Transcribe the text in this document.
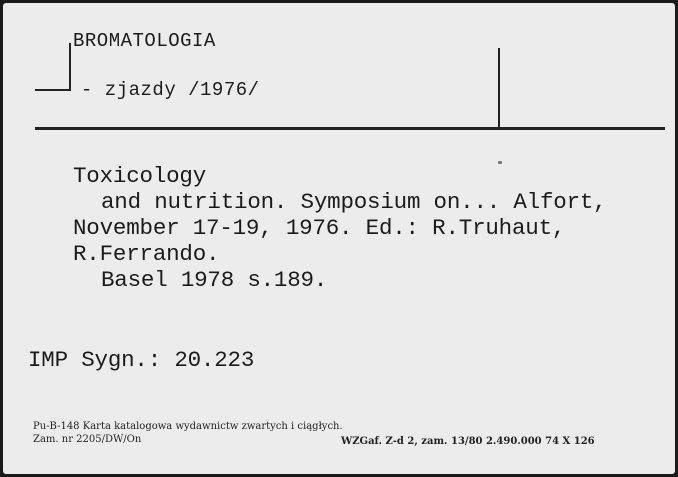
BROMATOLOGIA
- zjazdy /1976/
Toxicology
and nutrition. Symposium on... Alfort,
November 17-19, 1976. Ed.: R.Truhaut,
R.Ferrando.
Basel 1978 s.189.
IMP Sygn.: 20.223
Pu-B-148 Karta katalogowa wydawnictw zwartych i ciągłych.
Zam. nr 2205/DW/On	WZGaf. Z-d 2, zam. 13/80 2.490.000 74 X 126
